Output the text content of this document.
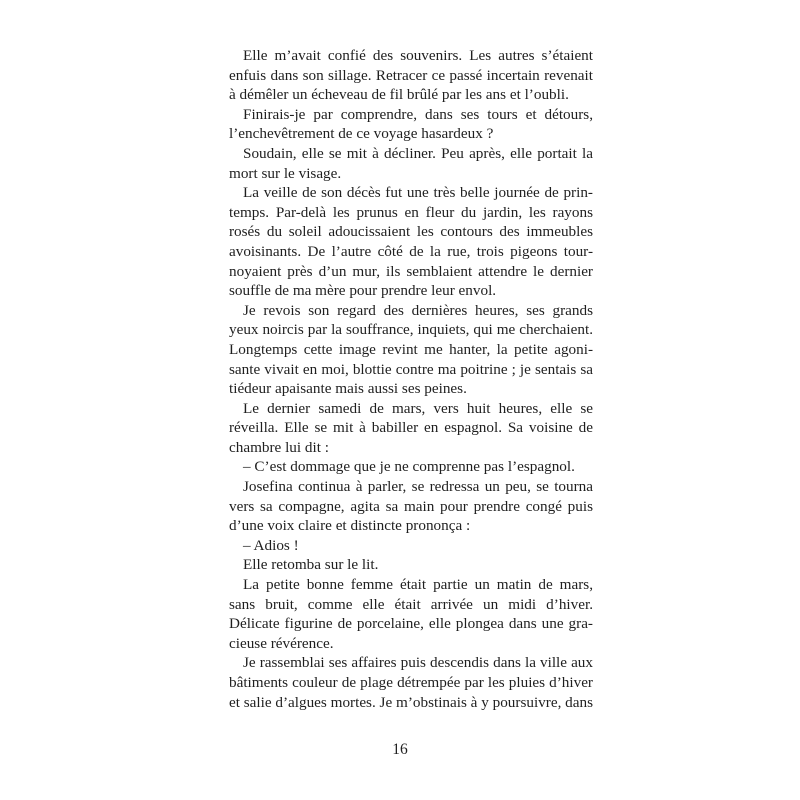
Elle m’avait confié des souvenirs. Les autres s’étaient
enfuis dans son sillage. Retracer ce passé incertain revenait
à démêler un écheveau de fil brûlé par les ans et l’oubli.

Finirais-je par comprendre, dans ses tours et détours,
l’enchevêtrement de ce voyage hasardeux ?

Soudain, elle se mit à décliner. Peu après, elle portait la
mort sur le visage.

La veille de son décès fut une très belle journée de prin-
temps. Par-delà les prunus en fleur du jardin, les rayons
rosés du soleil adoucissaient les contours des immeubles
avoisinants. De l’autre côté de la rue, trois pigeons tour-
noyaient près d’un mur, ils semblaient attendre le dernier
souffle de ma mère pour prendre leur envol.

Je revois son regard des dernières heures, ses grands
yeux noircis par la souffrance, inquiets, qui me cherchaient.
Longtemps cette image revint me hanter, la petite agoni-
sante vivait en moi, blottie contre ma poitrine ; je sentais sa
tiédeur apaisante mais aussi ses peines.

Le dernier samedi de mars, vers huit heures, elle se
réveilla. Elle se mit à babiller en espagnol. Sa voisine de
chambre lui dit :

– C’est dommage que je ne comprenne pas l’espagnol.

Josefina continua à parler, se redressa un peu, se tourna
vers sa compagne, agita sa main pour prendre congé puis
d’une voix claire et distincte prononça :

– Adios !

Elle retomba sur le lit.

La petite bonne femme était partie un matin de mars,
sans bruit, comme elle était arrivée un midi d’hiver.
Délicate figurine de porcelaine, elle plongea dans une gra-
cieuse révérence.

Je rassemblai ses affaires puis descendis dans la ville aux
bâtiments couleur de plage détrempée par les pluies d’hiver
et salie d’algues mortes. Je m’obstinais à y poursuivre, dans

16
